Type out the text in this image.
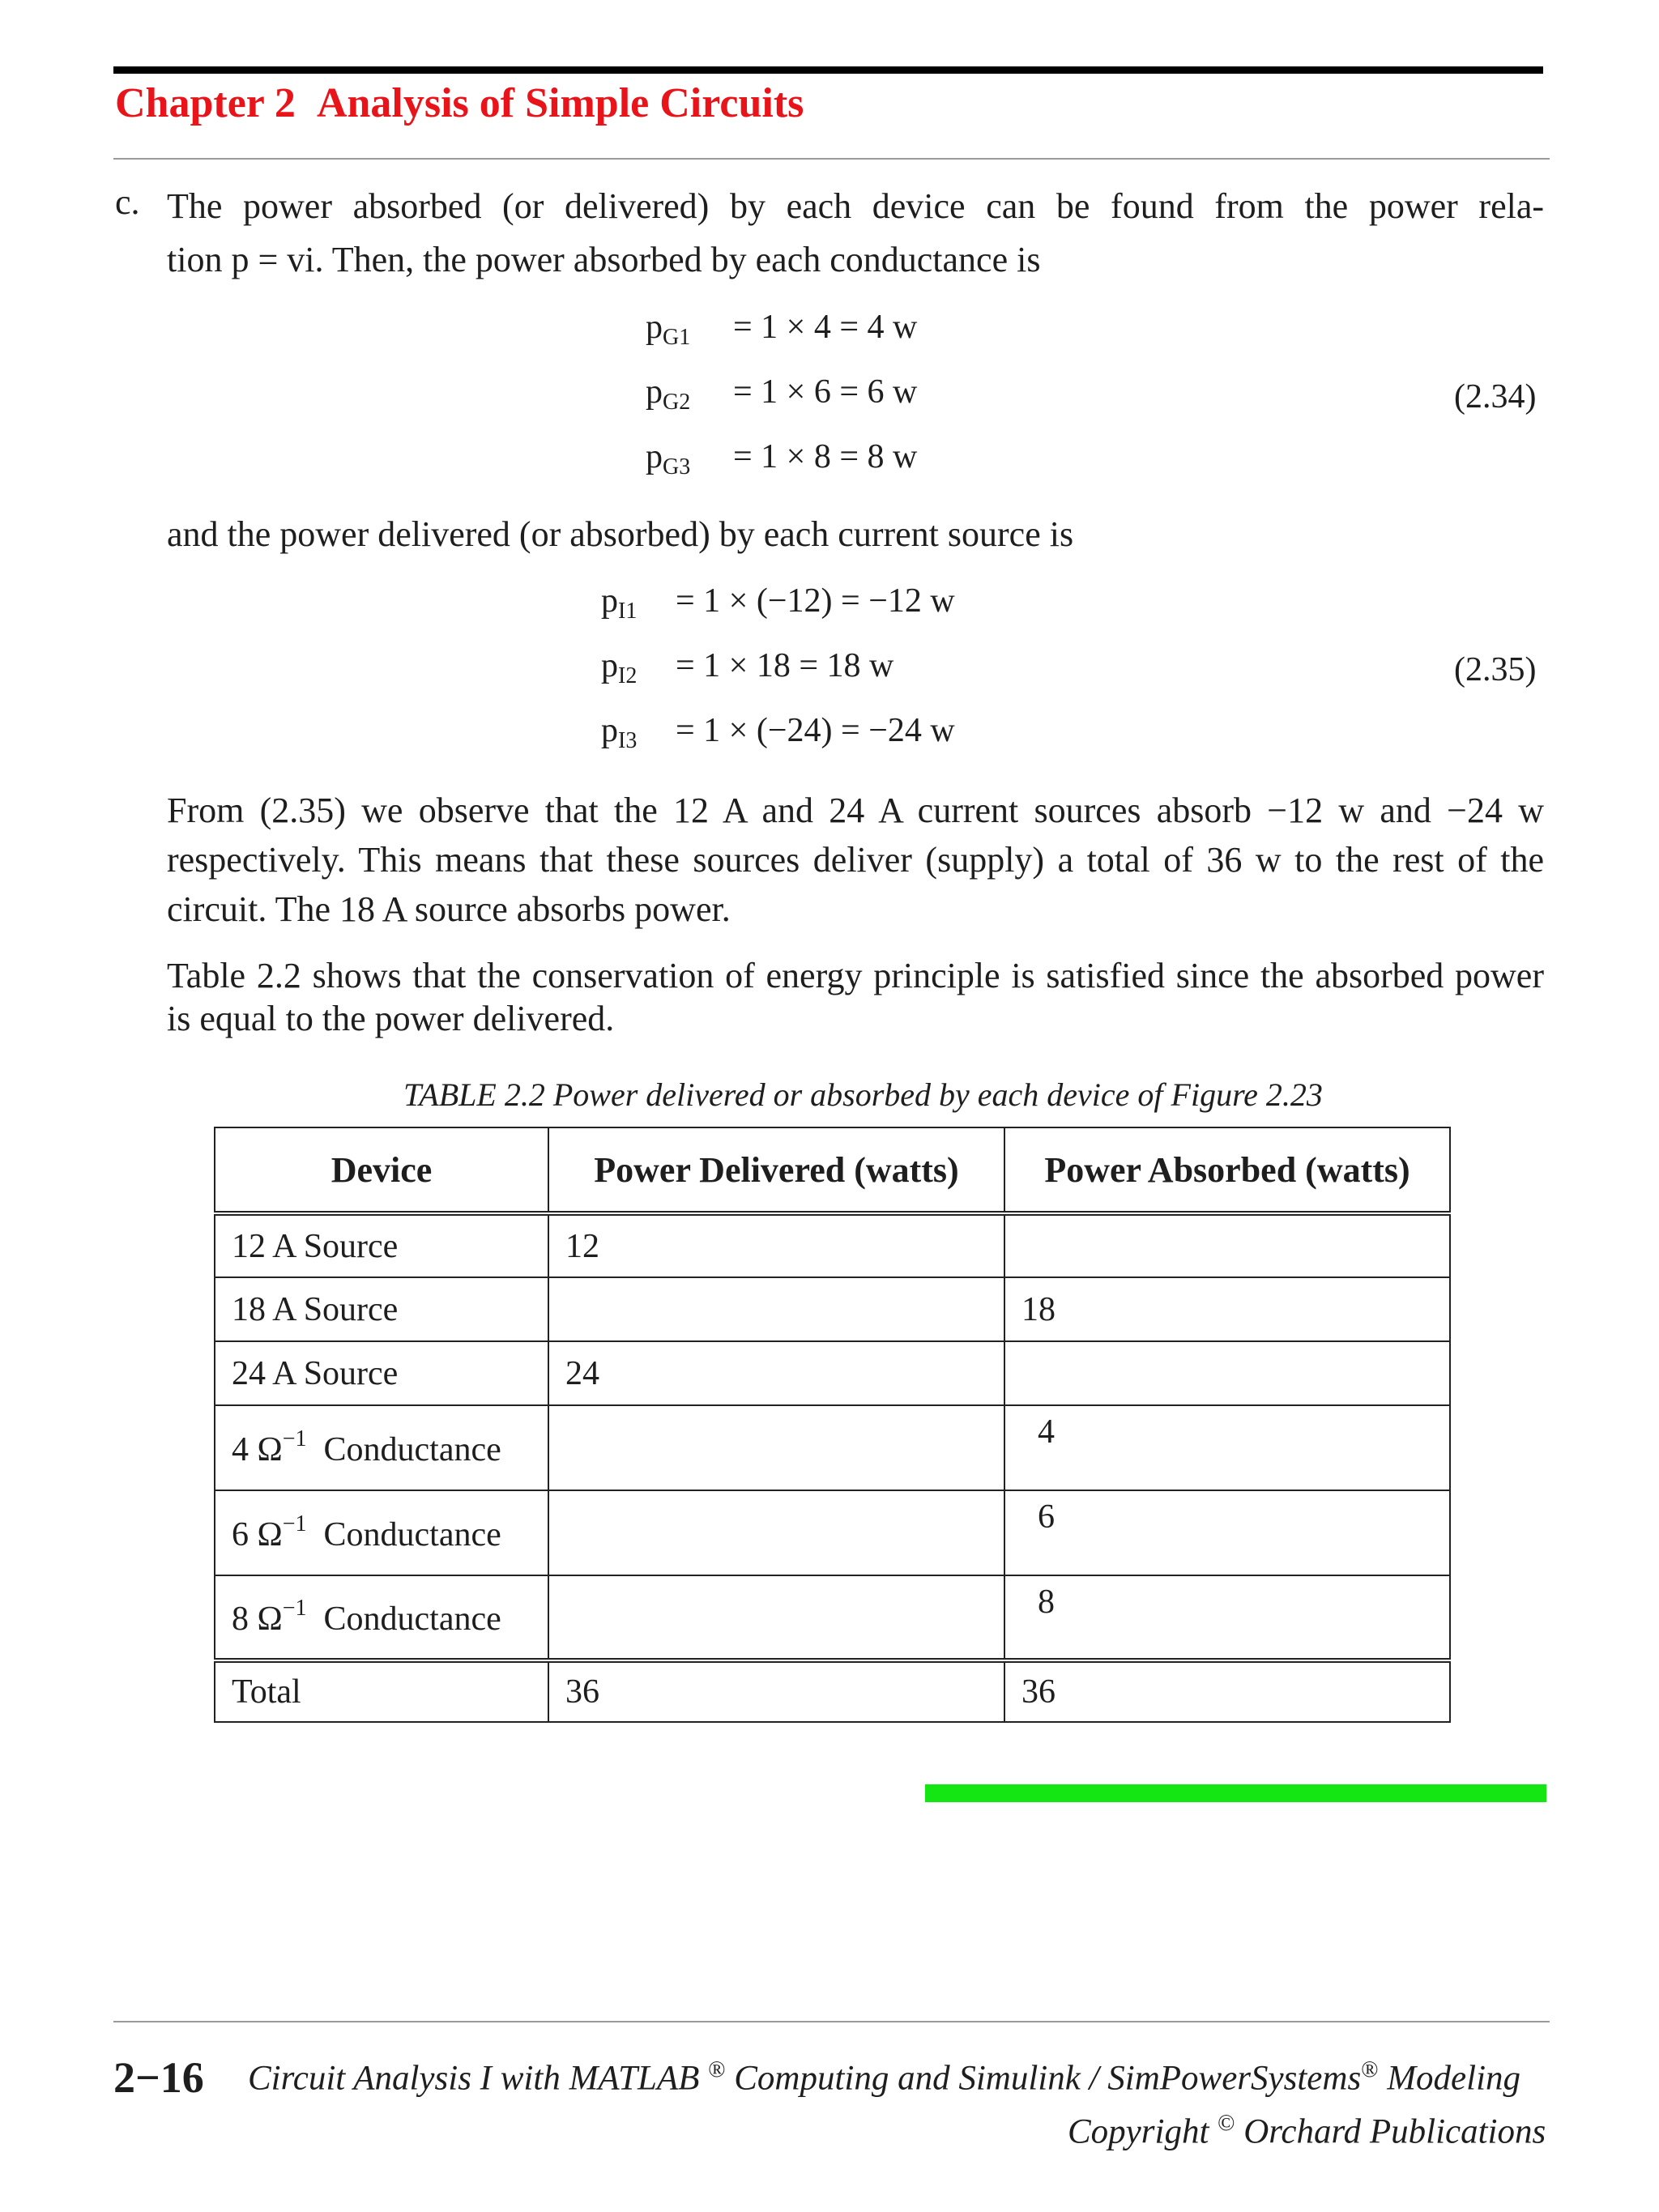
Chapter 2 Analysis of Simple Circuits
c. The power absorbed (or delivered) by each device can be found from the power rela-
tion p = vi. Then, the power absorbed by each conductance is
$p_{G1} = 1 \times 4 = 4$ w
$p_{G2} = 1 \times 6 = 6$ w
$p_{G3} = 1 \times 8 = 8$ w
(2.34)
and the power delivered (or absorbed) by each current source is
$p_{I1} = 1 \times (-12) = -12$ w
$p_{I2} = 1 \times 18 = 18$ w
$p_{I3} = 1 \times (-24) = -24$ w
(2.35)
From (2.35) we observe that the 12 A and 24 A current sources absorb −12 w and −24 w
respectively. This means that these sources deliver (supply) a total of 36 w to the rest of the
circuit. The 18 A source absorbs power.
Table 2.2 shows that the conservation of energy principle is satisfied since the absorbed power
is equal to the power delivered.
TABLE 2.2 Power delivered or absorbed by each device of Figure 2.23
Device	Power Delivered (watts)	Power Absorbed (watts)
12 A Source	12	
18 A Source		18
24 A Source	24	
4 $\Omega^{-1}$ Conductance		4
6 $\Omega^{-1}$ Conductance		6
8 $\Omega^{-1}$ Conductance		8
Total	36	36
2−16 Circuit Analysis I with MATLAB ® Computing and Simulink / SimPowerSystems® Modeling
Copyright © Orchard Publications
